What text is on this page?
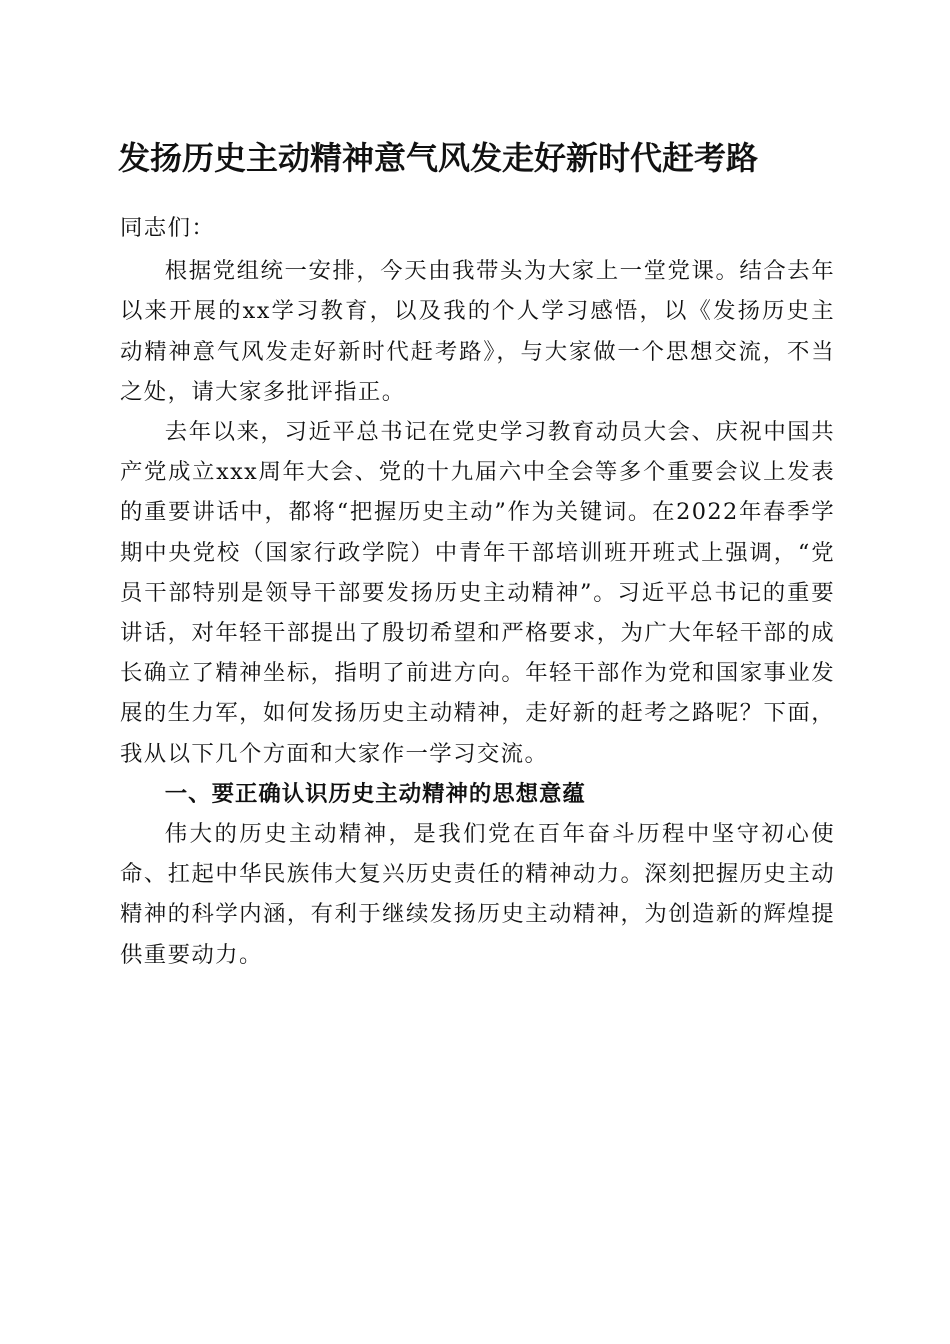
发扬历史主动精神意气风发走好新时代赶考路

同志们：

根据党组统一安排，今天由我带头为大家上一堂党课。结合去年以来开展的xx学习教育，以及我的个人学习感悟，以《发扬历史主动精神意气风发走好新时代赶考路》，与大家做一个思想交流，不当之处，请大家多批评指正。

去年以来，习近平总书记在党史学习教育动员大会、庆祝中国共产党成立xxx周年大会、党的十九届六中全会等多个重要会议上发表的重要讲话中，都将“把握历史主动”作为关键词。在2022年春季学期中央党校（国家行政学院）中青年干部培训班开班式上强调，“党员干部特别是领导干部要发扬历史主动精神”。习近平总书记的重要讲话，对年轻干部提出了殷切希望和严格要求，为广大年轻干部的成长确立了精神坐标，指明了前进方向。年轻干部作为党和国家事业发展的生力军，如何发扬历史主动精神，走好新的赶考之路呢？下面，我从以下几个方面和大家作一学习交流。

一、要正确认识历史主动精神的思想意蕴

伟大的历史主动精神，是我们党在百年奋斗历程中坚守初心使命、扛起中华民族伟大复兴历史责任的精神动力。深刻把握历史主动精神的科学内涵，有利于继续发扬历史主动精神，为创造新的辉煌提供重要动力。
